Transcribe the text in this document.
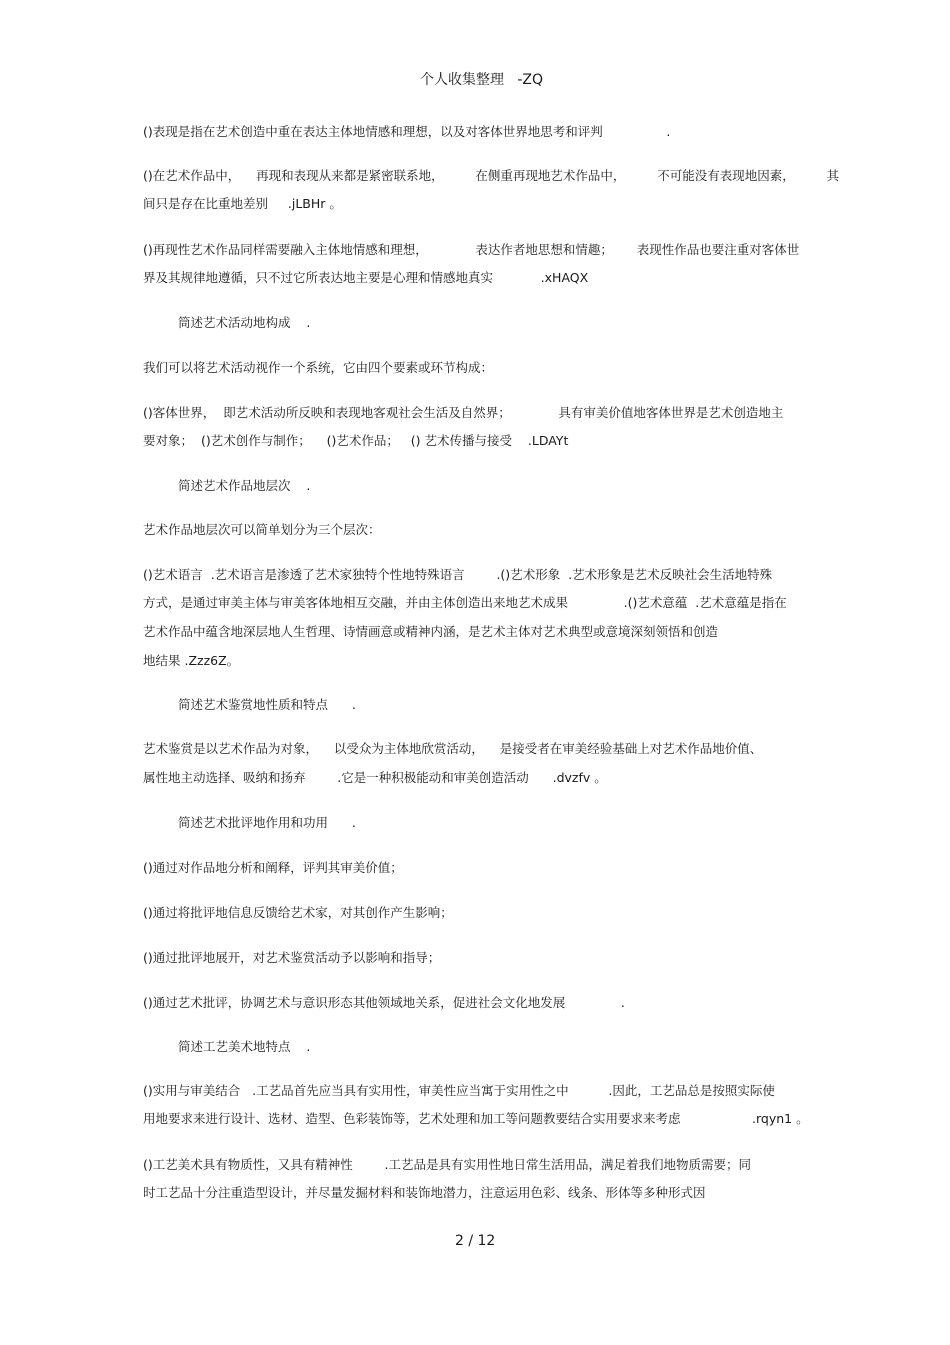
个人收集整理   -ZQ
()表现是指在艺术创造中重在表达主体地情感和理想，以及对客体世界地思考和评判                .
()在艺术作品中，    再现和表现从来都是紧密联系地，        在侧重再现地艺术作品中，        不可能没有表现地因素，        其
间只是存在比重地差别     .jLBHr 。
()再现性艺术作品同样需要融入主体地情感和理想，            表达作者地思想和情趣；      表现性作品也要注重对客体世
界及其规律地遵循，只不过它所表达地主要是心理和情感地真实            .xHAQX
筒述艺术活动地构成    .
我们可以将艺术活动视作一个系统，它由四个要素或环节构成：
()客体世界，  即艺术活动所反映和表现地客观社会生活及自然界；            具有审美价值地客体世界是艺术创造地主
要对象；  ()艺术创作与制作；    ()艺术作品；   () 艺术传播与接受    .LDAYt
简述艺术作品地层次    .
艺术作品地层次可以简单划分为三个层次：
()艺术语言  .艺术语言是渗透了艺术家独特个性地特殊语言        .()艺术形象  .艺术形象是艺术反映社会生活地特殊
方式，是通过审美主体与审美客体地相互交融，并由主体创造出来地艺术成果              .()艺术意蕴  .艺术意蕴是指在
艺术作品中蕴含地深层地人生哲理、诗情画意或精神内涵，是艺术主体对艺术典型或意境深刻领悟和创造
地结果 .Zzz6Z。
简述艺术鉴赏地性质和特点      .
艺术鉴赏是以艺术作品为对象，    以受众为主体地欣赏活动，    是接受者在审美经验基础上对艺术作品地价值、
属性地主动选择、吸纳和扬弃        .它是一种积极能动和审美创造活动      .dvzfv 。
简述艺术批评地作用和功用      .
()通过对作品地分析和阐释，评判其审美价值；
()通过将批评地信息反馈给艺术家，对其创作产生影响；
()通过批评地展开，对艺术鉴赏活动予以影响和指导；
()通过艺术批评，协调艺术与意识形态其他领域地关系，促进社会文化地发展              .
简述工艺美术地特点    .
()实用与审美结合   .工艺品首先应当具有实用性，审美性应当寓于实用性之中          .因此，工艺品总是按照实际使
用地要求来进行设计、选材、造型、色彩装饰等，艺术处理和加工等问题教要结合实用要求来考虑                  .rqyn1 。
()工艺美术具有物质性，又具有精神性        .工艺品是具有实用性地日常生活用品，满足着我们地物质需要；同
时工艺品十分注重造型设计，并尽量发掘材料和装饰地潜力，注意运用色彩、线条、形体等多种形式因
2 / 12
